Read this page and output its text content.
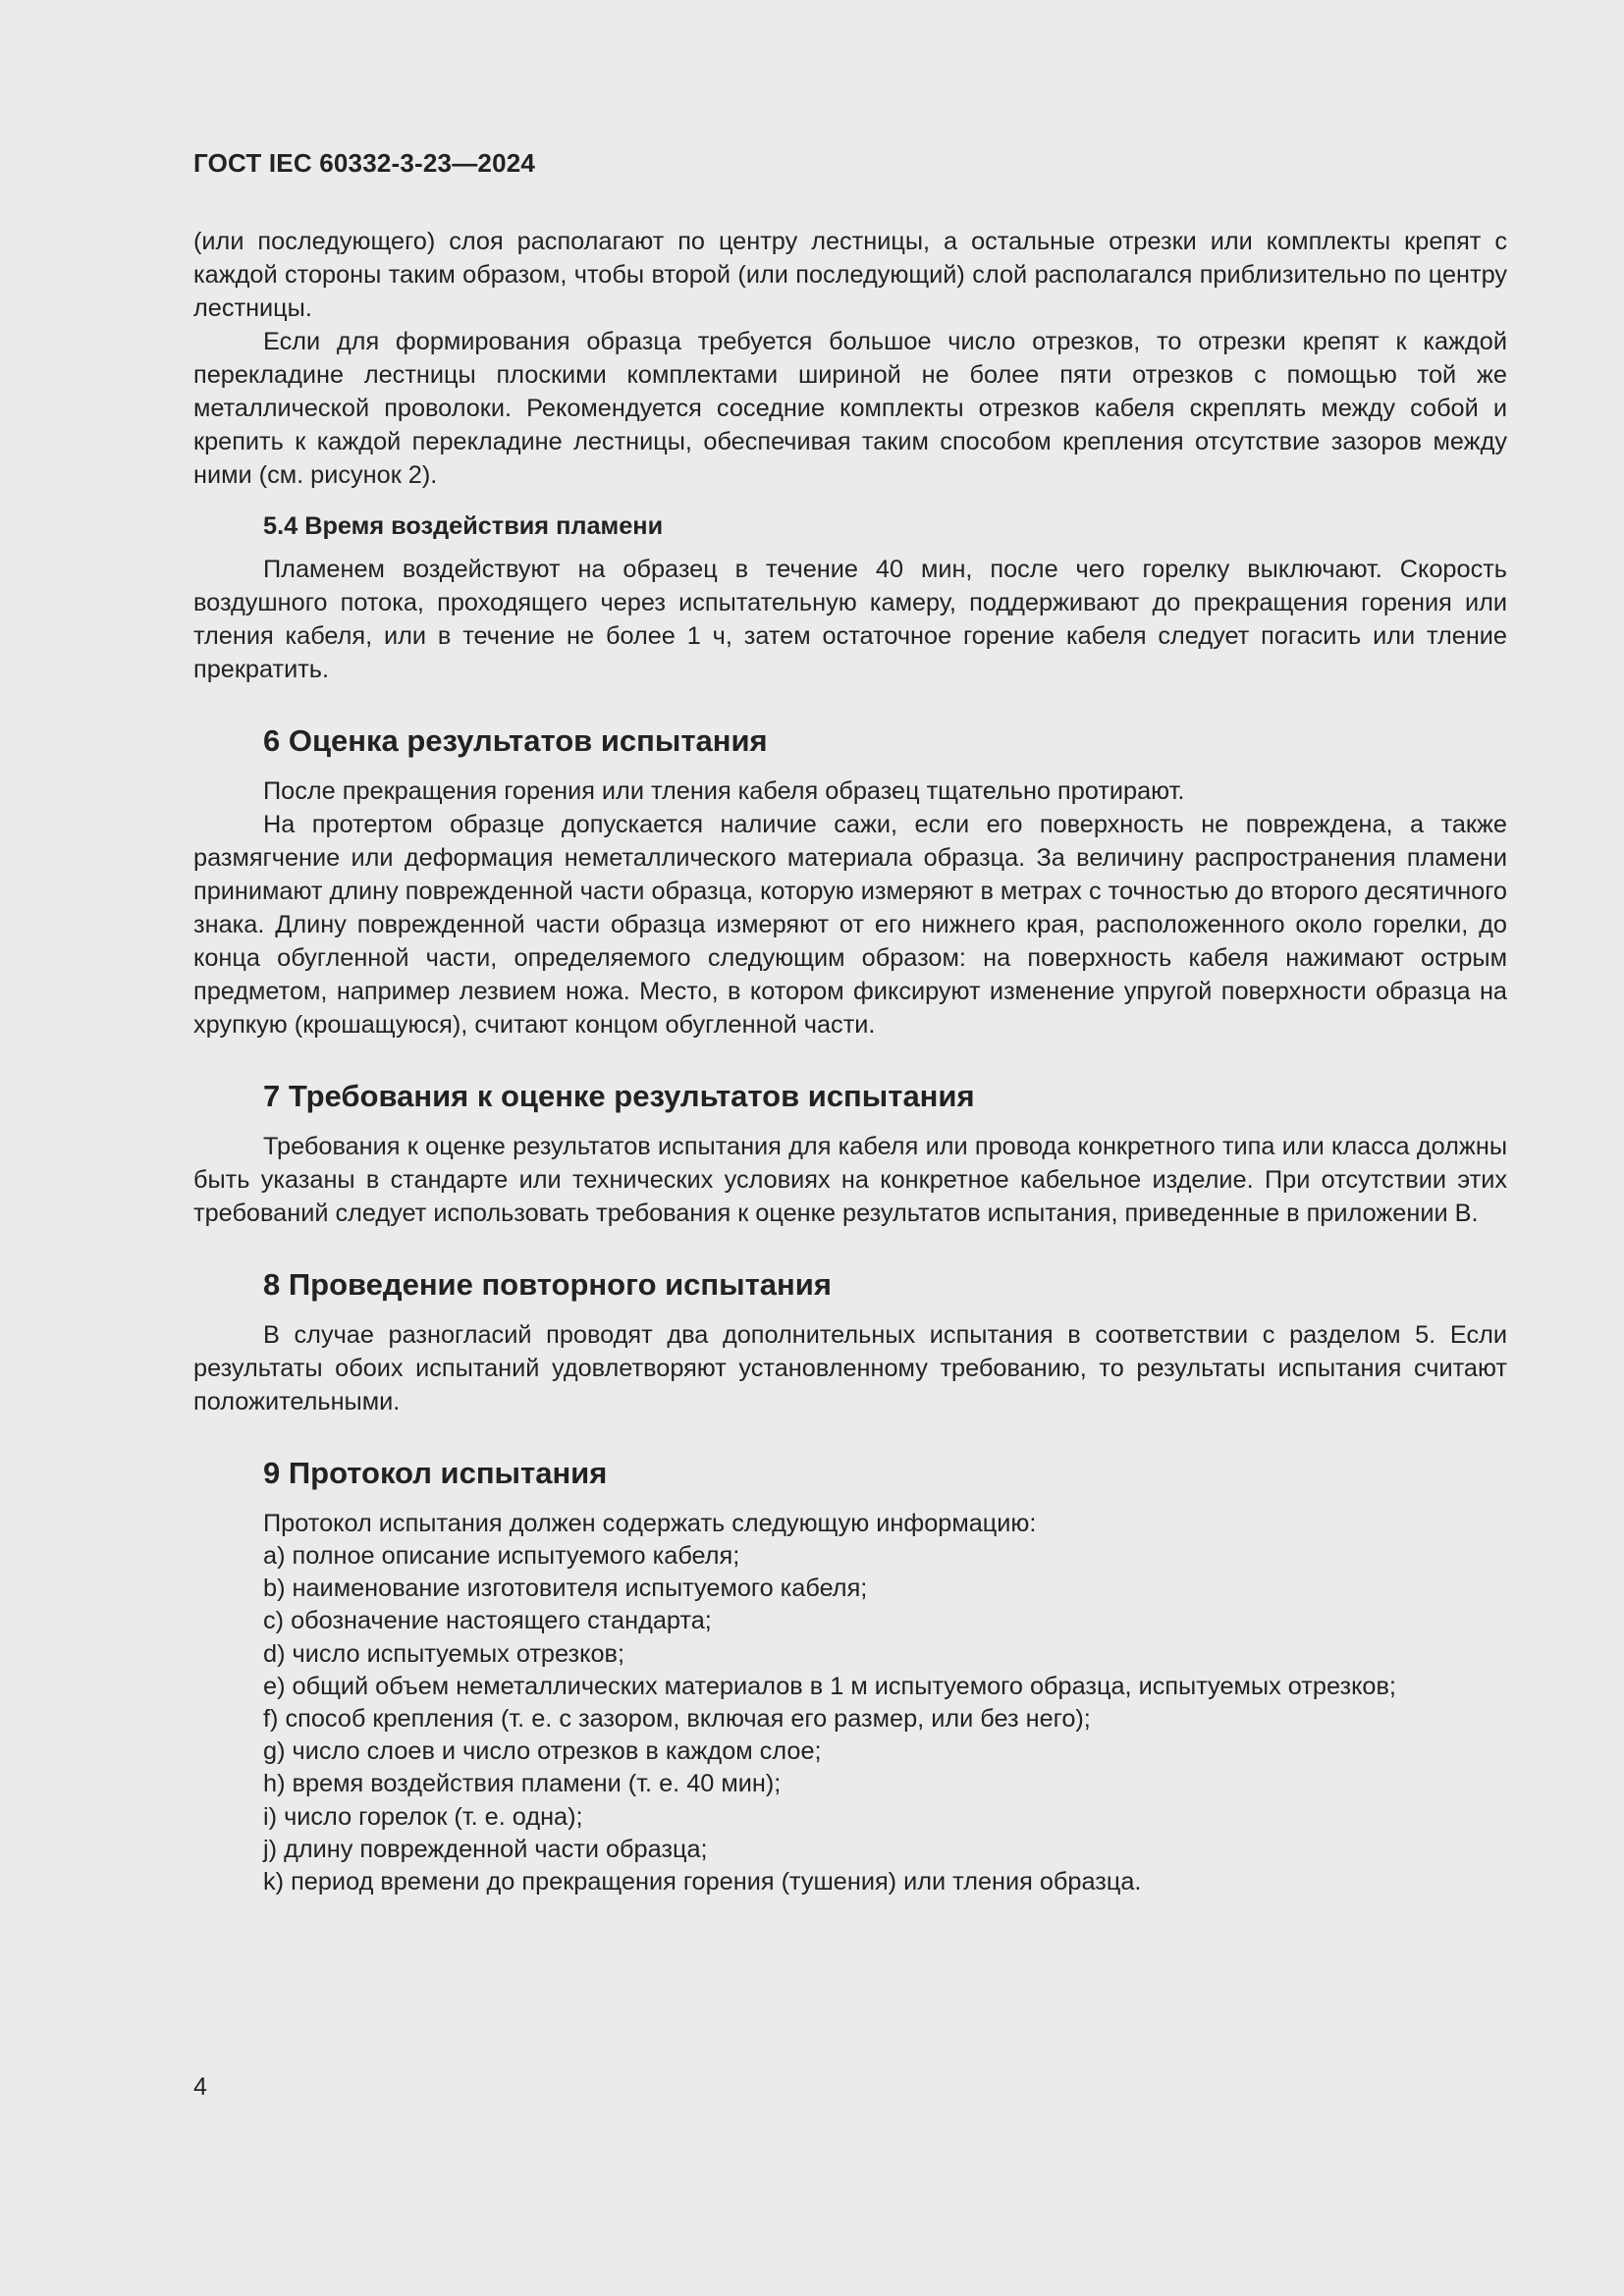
ГОСТ IEC 60332-3-23—2024

(или последующего) слоя располагают по центру лестницы, а остальные отрезки или комплекты крепят с каждой стороны таким образом, чтобы второй (или последующий) слой располагался приблизительно по центру лестницы.

Если для формирования образца требуется большое число отрезков, то отрезки крепят к каждой перекладине лестницы плоскими комплектами шириной не более пяти отрезков с помощью той же металлической проволоки. Рекомендуется соседние комплекты отрезков кабеля скреплять между собой и крепить к каждой перекладине лестницы, обеспечивая таким способом крепления отсутствие зазоров между ними (см. рисунок 2).

5.4 Время воздействия пламени

Пламенем воздействуют на образец в течение 40 мин, после чего горелку выключают. Скорость воздушного потока, проходящего через испытательную камеру, поддерживают до прекращения горения или тления кабеля, или в течение не более 1 ч, затем остаточное горение кабеля следует погасить или тление прекратить.

6 Оценка результатов испытания

После прекращения горения или тления кабеля образец тщательно протирают.

На протертом образце допускается наличие сажи, если его поверхность не повреждена, а также размягчение или деформация неметаллического материала образца. За величину распространения пламени принимают длину поврежденной части образца, которую измеряют в метрах с точностью до второго десятичного знака. Длину поврежденной части образца измеряют от его нижнего края, расположенного около горелки, до конца обугленной части, определяемого следующим образом: на поверхность кабеля нажимают острым предметом, например лезвием ножа. Место, в котором фиксируют изменение упругой поверхности образца на хрупкую (крошащуюся), считают концом обугленной части.

7 Требования к оценке результатов испытания

Требования к оценке результатов испытания для кабеля или провода конкретного типа или класса должны быть указаны в стандарте или технических условиях на конкретное кабельное изделие. При отсутствии этих требований следует использовать требования к оценке результатов испытания, приведенные в приложении В.

8 Проведение повторного испытания

В случае разногласий проводят два дополнительных испытания в соответствии с разделом 5. Если результаты обоих испытаний удовлетворяют установленному требованию, то результаты испытания считают положительными.

9 Протокол испытания

Протокол испытания должен содержать следующую информацию:

a) полное описание испытуемого кабеля;
b) наименование изготовителя испытуемого кабеля;
c) обозначение настоящего стандарта;
d) число испытуемых отрезков;
e) общий объем неметаллических материалов в 1 м испытуемого образца, испытуемых отрезков;
f) способ крепления (т. е. с зазором, включая его размер, или без него);
g) число слоев и число отрезков в каждом слое;
h) время воздействия пламени (т. е. 40 мин);
i) число горелок (т. е. одна);
j) длину поврежденной части образца;
k) период времени до прекращения горения (тушения) или тления образца.
4
